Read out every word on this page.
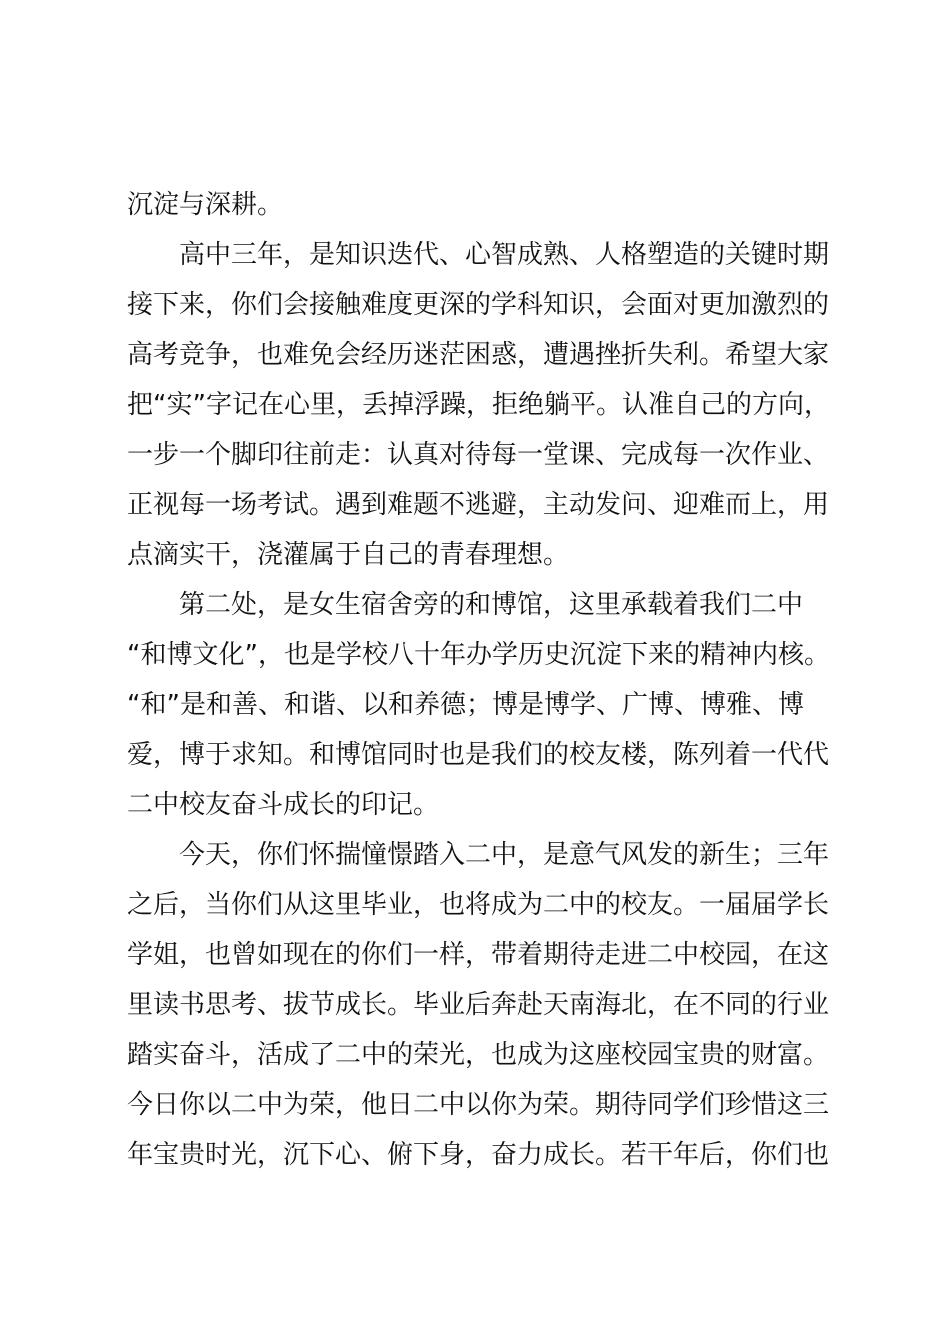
沉淀与深耕。
高中三年，是知识迭代、心智成熟、人格塑造的关键时期
接下来，你们会接触难度更深的学科知识，会面对更加激烈的
高考竞争，也难免会经历迷茫困惑，遭遇挫折失利。希望大家
把“实”字记在心里，丢掉浮躁，拒绝躺平。认准自己的方向，
一步一个脚印往前走：认真对待每一堂课、完成每一次作业、
正视每一场考试。遇到难题不逃避，主动发问、迎难而上，用
点滴实干，浇灌属于自己的青春理想。
第二处，是女生宿舍旁的和博馆，这里承载着我们二中
“和博文化”，也是学校八十年办学历史沉淀下来的精神内核。
“和”是和善、和谐、以和养德；博是博学、广博、博雅、博
爱，博于求知。和博馆同时也是我们的校友楼，陈列着一代代
二中校友奋斗成长的印记。
今天，你们怀揣憧憬踏入二中，是意气风发的新生；三年
之后，当你们从这里毕业，也将成为二中的校友。一届届学长
学姐，也曾如现在的你们一样，带着期待走进二中校园，在这
里读书思考、拔节成长。毕业后奔赴天南海北，在不同的行业
踏实奋斗，活成了二中的荣光，也成为这座校园宝贵的财富。
今日你以二中为荣，他日二中以你为荣。期待同学们珍惜这三
年宝贵时光，沉下心、俯下身，奋力成长。若干年后，你们也
